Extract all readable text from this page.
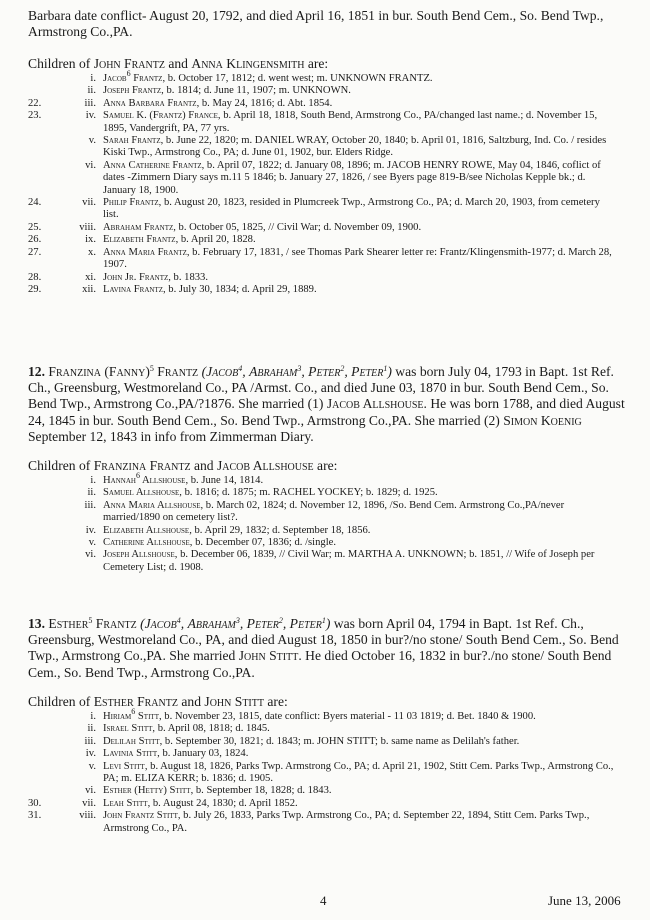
Barbara date conflict- August 20, 1792, and died April 16, 1851 in bur. South Bend Cem., So. Bend Twp., Armstrong Co.,PA.
Children of John Frantz and Anna Klingensmith are:
i. Jacob$^6$ Frantz, b. October 17, 1812; d. went west; m. UNKNOWN FRANTZ.
ii. Joseph Frantz, b. 1814; d. June 11, 1907; m. UNKNOWN.
22.	iii. Anna Barbara Frantz, b. May 24, 1816; d. Abt. 1854.
23.	iv. Samuel K. (Frantz) France, b. April 18, 1818, South Bend, Armstrong Co., PA/changed last name.; d. November 15, 1895, Vandergrift, PA, 77 yrs.
v. Sarah Frantz, b. June 22, 1820; m. DANIEL WRAY, October 20, 1840; b. April 01, 1816, Saltzburg, Ind. Co. / resides Kiski Twp., Armstrong Co., PA; d. June 01, 1902, bur. Elders Ridge.
vi. Anna Catherine Frantz, b. April 07, 1822; d. January 08, 1896; m. JACOB HENRY ROWE, May 04, 1846, coflict of dates -Zimmern Diary says m.11 5 1846; b. January 27, 1826, / see Byers page 819-B/see Nicholas Kepple bk.; d. January 18, 1900.
24.	vii. Philip Frantz, b. August 20, 1823, resided in Plumcreek Twp., Armstrong Co., PA; d. March 20, 1903, from cemetery list.
25.	viii. Abraham Frantz, b. October 05, 1825, // Civil War; d. November 09, 1900.
26.	ix. Elizabeth Frantz, b. April 20, 1828.
27.	x. Anna Maria Frantz, b. February 17, 1831, / see Thomas Park Shearer letter re: Frantz/Klingensmith-1977; d. March 28, 1907.
28.	xi. John Jr. Frantz, b. 1833.
29.	xii. Lavina Frantz, b. July 30, 1834; d. April 29, 1889.
12. Franzina (Fanny)$^5$ Frantz (Jacob$^4$, Abraham$^3$, Peter$^2$, Peter$^1$) was born July 04, 1793 in Bapt. 1st Ref. Ch., Greensburg, Westmoreland Co., PA /Armst. Co., and died June 03, 1870 in bur. South Bend Cem., So. Bend Twp., Armstrong Co.,PA/?1876. She married (1) Jacob Allshouse. He was born 1788, and died August 24, 1845 in bur. South Bend Cem., So. Bend Twp., Armstrong Co.,PA. She married (2) Simon Koenig September 12, 1843 in info from Zimmerman Diary.
Children of Franzina Frantz and Jacob Allshouse are:
i. Hannah$^6$ Allshouse, b. June 14, 1814.
ii. Samuel Allshouse, b. 1816; d. 1875; m. RACHEL YOCKEY; b. 1829; d. 1925.
iii. Anna Maria Allshouse, b. March 02, 1824; d. November 12, 1896, /So. Bend Cem. Armstrong Co.,PA/never married/1890 on cemetery list?.
iv. Elizabeth Allshouse, b. April 29, 1832; d. September 18, 1856.
v. Catherine Allshouse, b. December 07, 1836; d. /single.
vi. Joseph Allshouse, b. December 06, 1839, // Civil War; m. MARTHA A. UNKNOWN; b. 1851, // Wife of Joseph per Cemetery List; d. 1908.
13. Esther$^5$ Frantz (Jacob$^4$, Abraham$^3$, Peter$^2$, Peter$^1$) was born April 04, 1794 in Bapt. 1st Ref. Ch., Greensburg, Westmoreland Co., PA, and died August 18, 1850 in bur?/no stone/ South Bend Cem., So. Bend Twp., Armstrong Co.,PA. She married John Stitt. He died October 16, 1832 in bur?./no stone/ South Bend Cem., So. Bend Twp., Armstrong Co.,PA.
Children of Esther Frantz and John Stitt are:
i. Hiriam$^6$ Stitt, b. November 23, 1815, date conflict: Byers material - 11 03 1819; d. Bet. 1840 & 1900.
ii. Israel Stitt, b. April 08, 1818; d. 1845.
iii. Delilah Stitt, b. September 30, 1821; d. 1843; m. JOHN STITT; b. same name as Delilah's father.
iv. Lavinia Stitt, b. January 03, 1824.
v. Levi Stitt, b. August 18, 1826, Parks Twp. Armstrong Co., PA; d. April 21, 1902, Stitt Cem. Parks Twp., Armstrong Co., PA; m. ELIZA KERR; b. 1836; d. 1905.
vi. Esther (Hetty) Stitt, b. September 18, 1828; d. 1843.
30.	vii. Leah Stitt, b. August 24, 1830; d. April 1852.
31.	viii. John Frantz Stitt, b. July 26, 1833, Parks Twp. Armstrong Co., PA; d. September 22, 1894, Stitt Cem. Parks Twp., Armstrong Co., PA.
4	June 13, 2006
